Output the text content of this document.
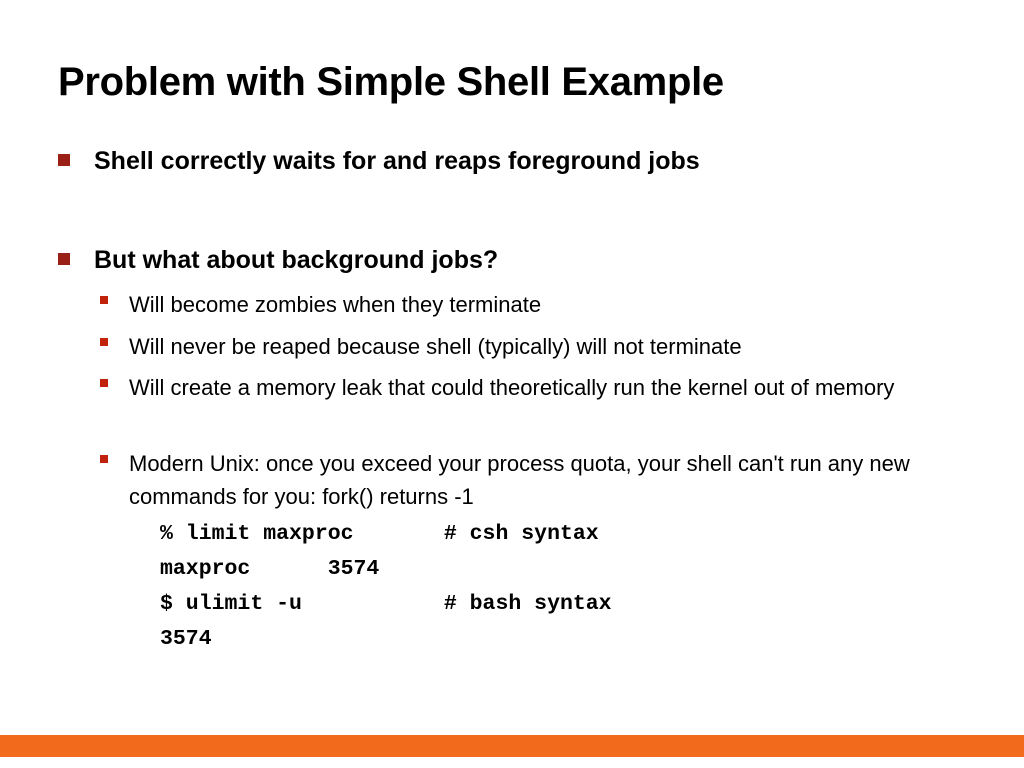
Problem with Simple Shell Example
Shell correctly waits for and reaps foreground jobs
But what about background jobs?
Will become zombies when they terminate
Will never be reaped because shell (typically) will not terminate
Will create a memory leak that could theoretically run the kernel out of memory
Modern Unix: once you exceed your process quota, your shell can't run any new commands for you: fork() returns -1
% limit maxproc       # csh syntax
maxproc      3574
$ ulimit -u           # bash syntax
3574
